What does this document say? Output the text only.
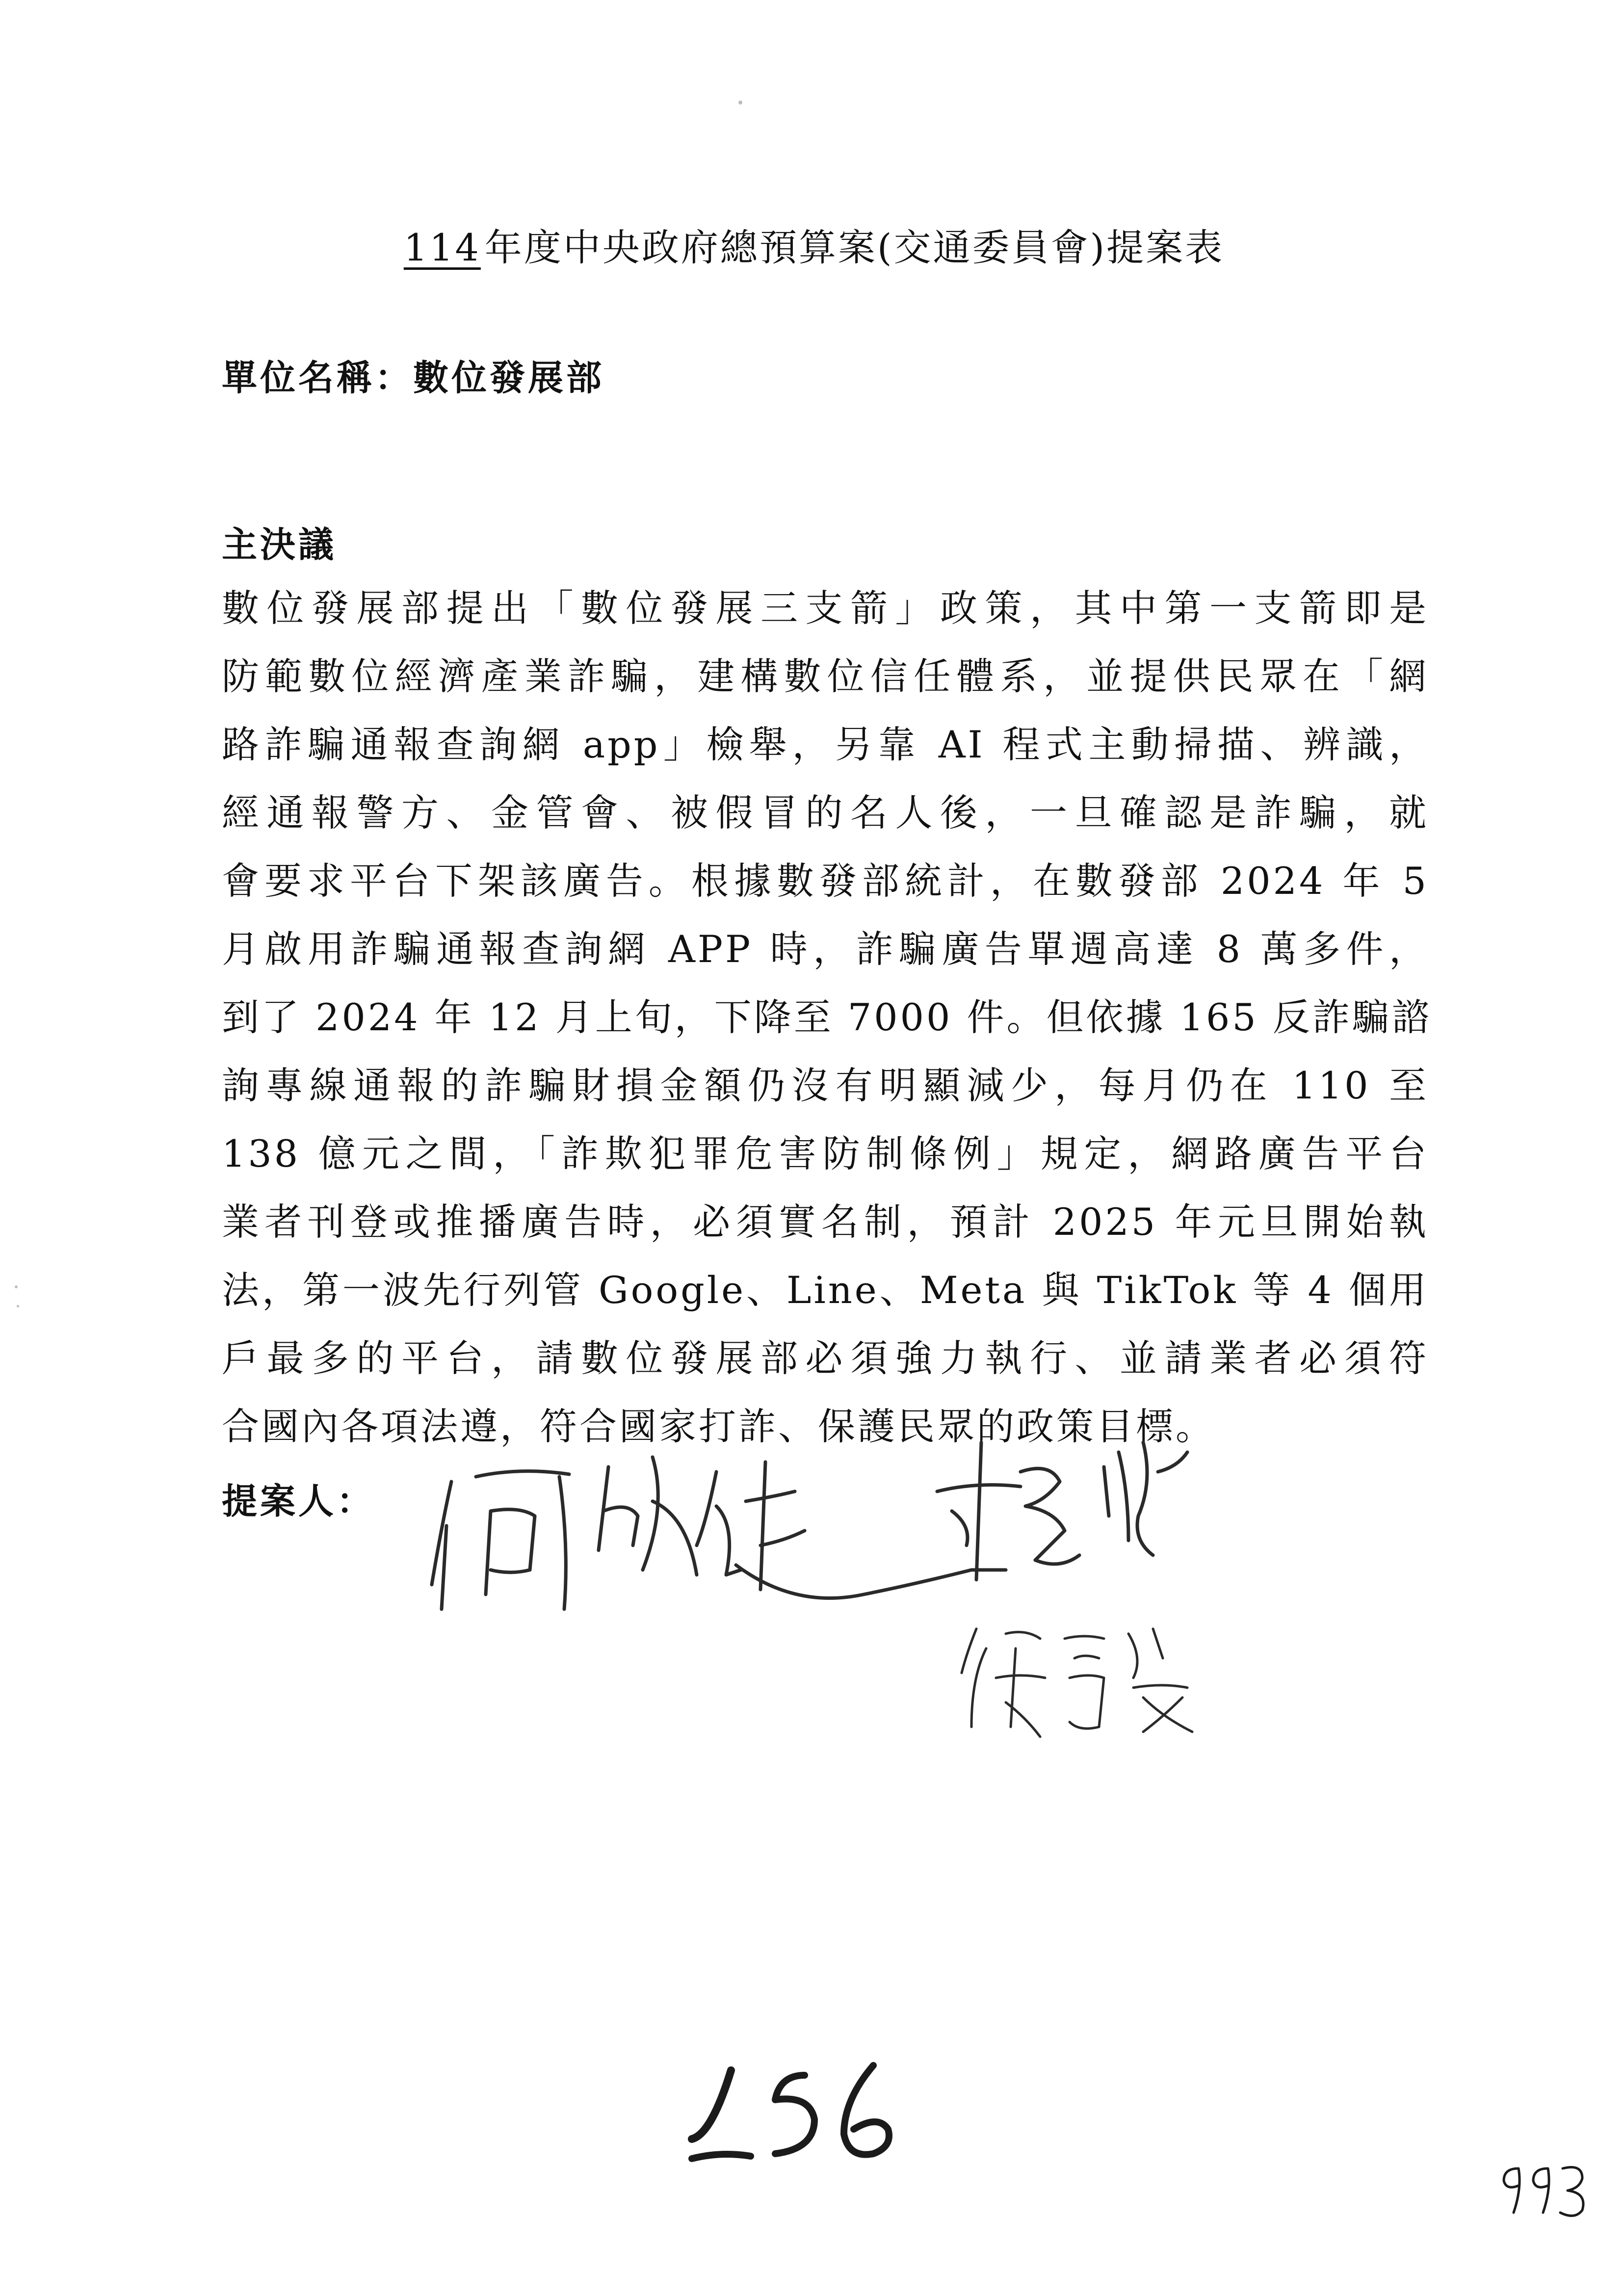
114 年度中央政府總預算案(交通委員會)提案表
單位名稱：數位發展部
主決議
數位發展部提出「數位發展三支箭」政策，其中第一支箭即是
防範數位經濟產業詐騙，建構數位信任體系，並提供民眾在「網
路詐騙通報查詢網 app」檢舉，另靠 AI 程式主動掃描、辨識，
經通報警方、金管會、被假冒的名人後，一旦確認是詐騙，就
會要求平台下架該廣告。根據數發部統計，在數發部 2024 年 5
月啟用詐騙通報查詢網 APP 時，詐騙廣告單週高達 8 萬多件，
到了 2024 年 12 月上旬，下降至 7000 件。但依據 165 反詐騙諮
詢專線通報的詐騙財損金額仍沒有明顯減少，每月仍在 110 至
138 億元之間，「詐欺犯罪危害防制條例」規定，網路廣告平台
業者刊登或推播廣告時，必須實名制，預計 2025 年元旦開始執
法，第一波先行列管 Google、Line、Meta 與 TikTok 等 4 個用
戶最多的平台，請數位發展部必須強力執行、並請業者必須符
合國內各項法遵，符合國家打詐、保護民眾的政策目標。
提案人：
